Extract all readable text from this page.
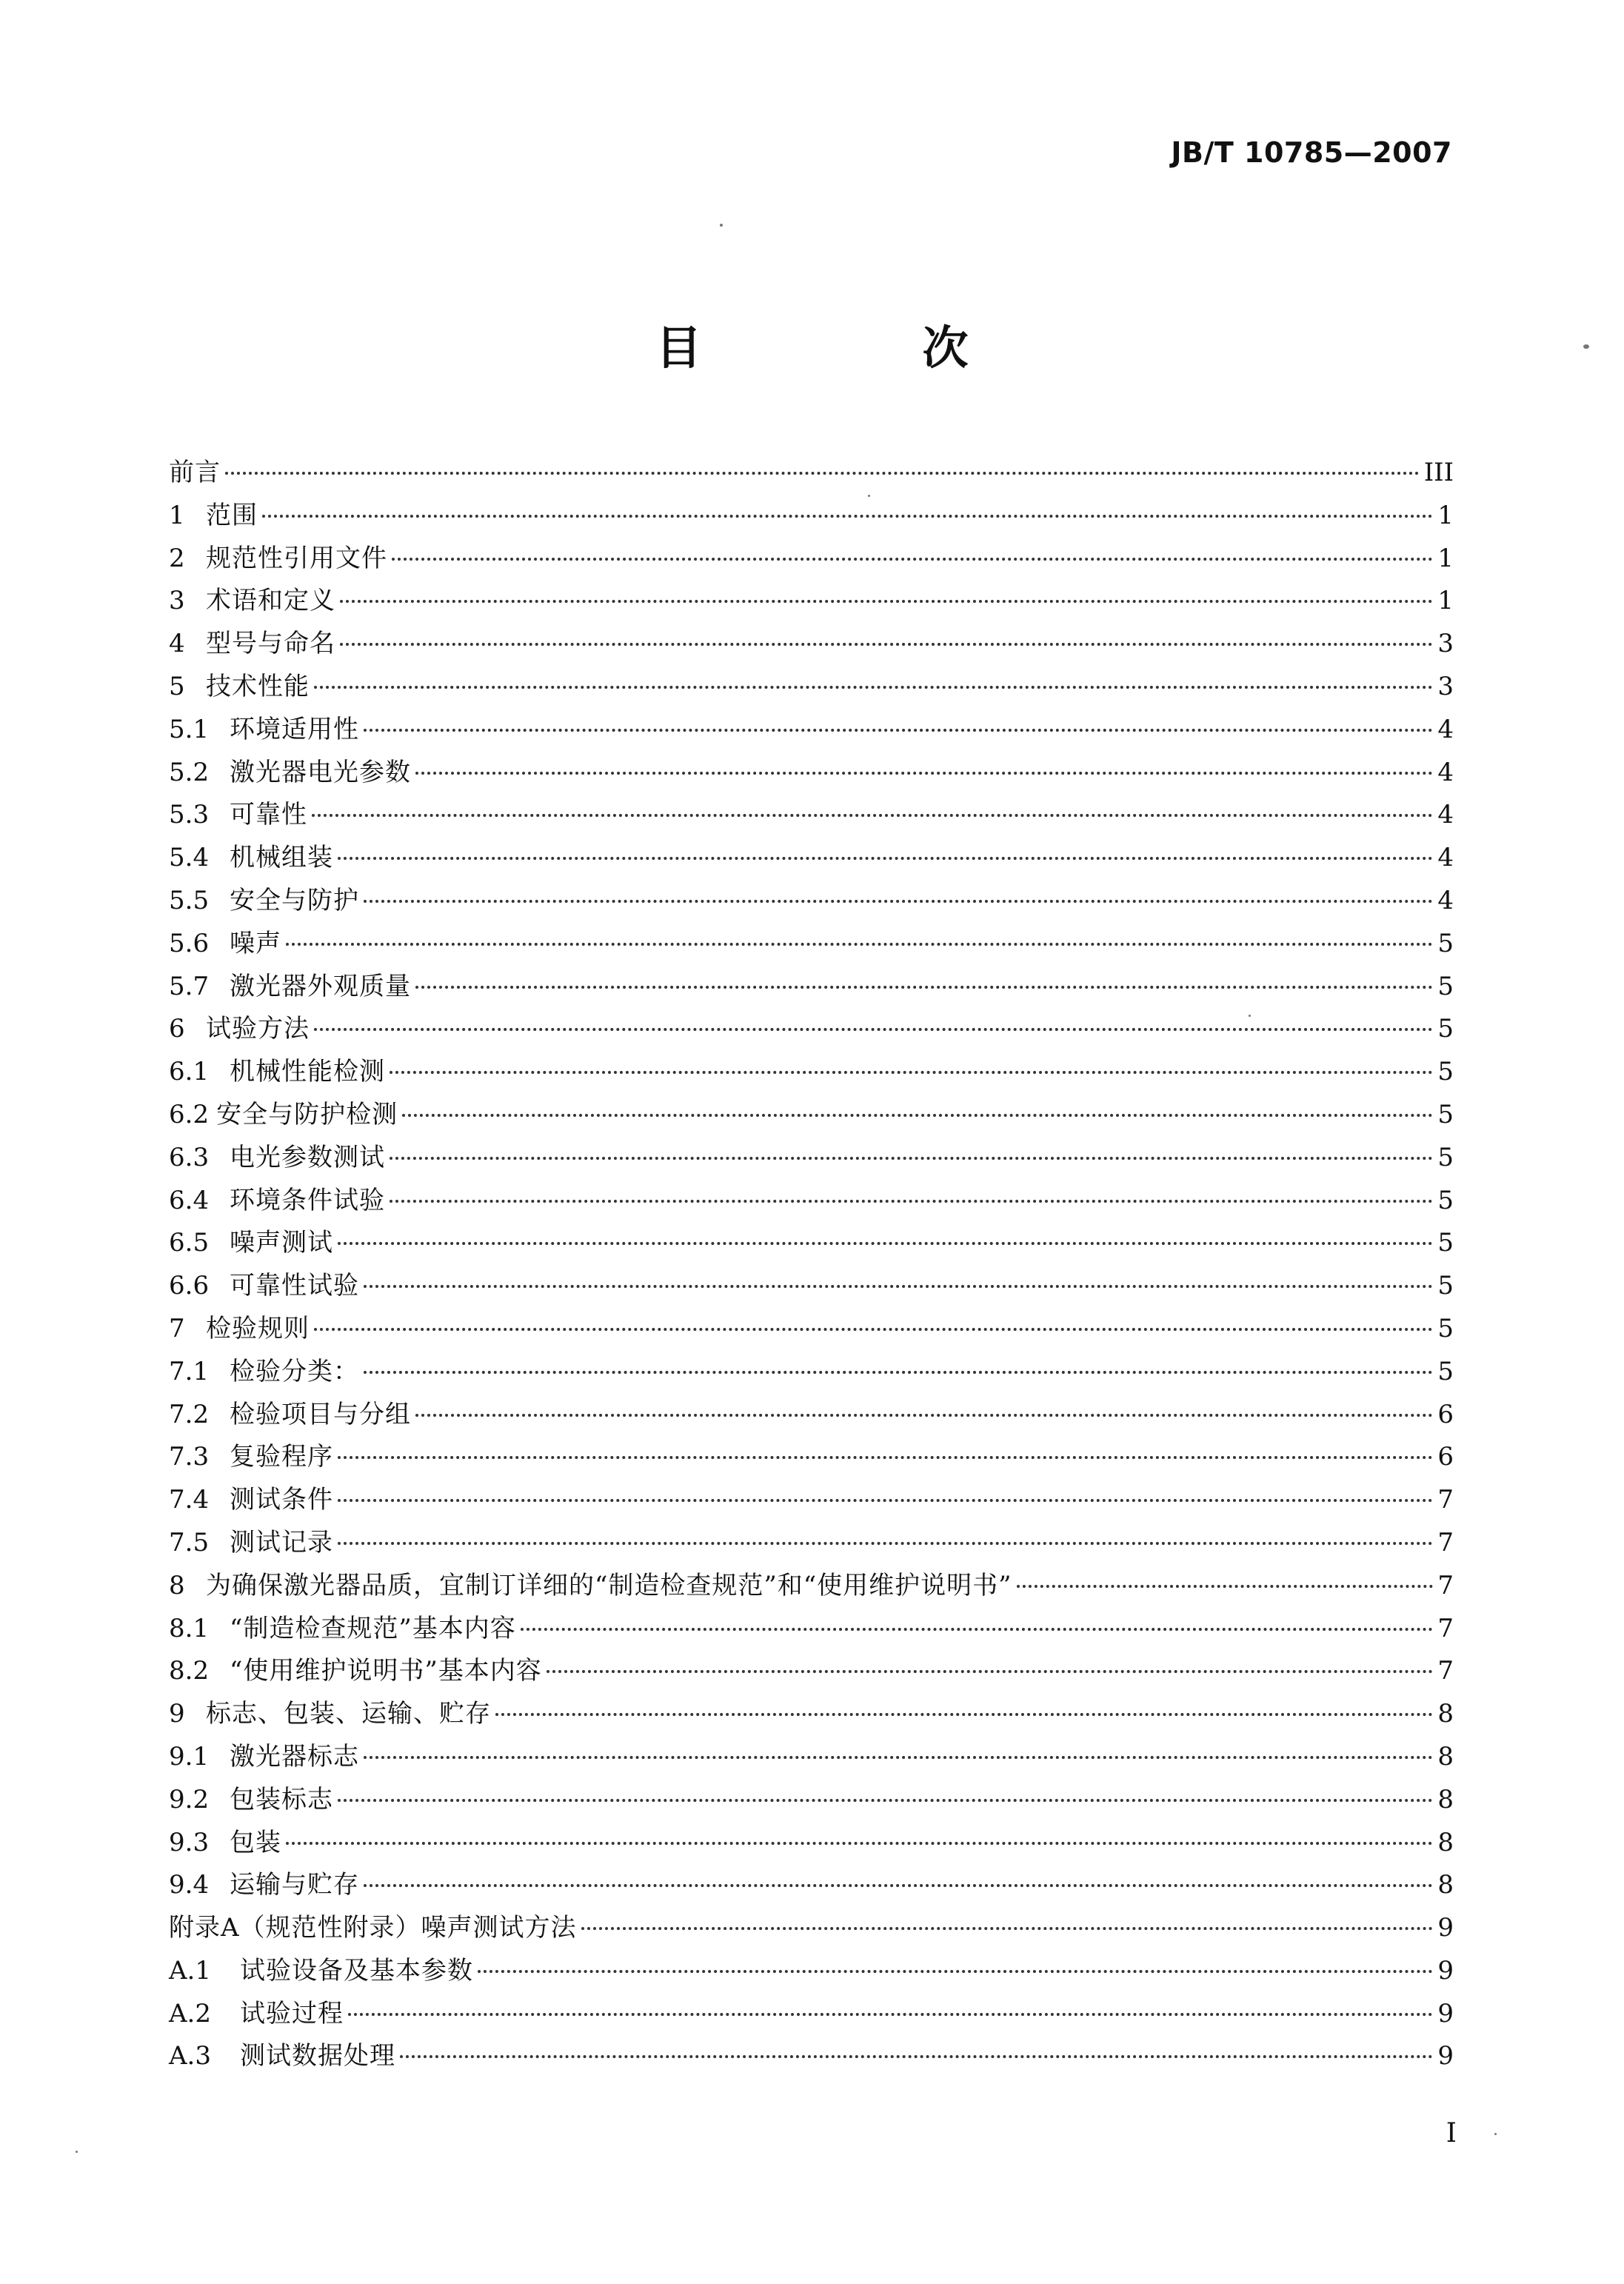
JB/T 10785—2007
目　次
前言	III
1 范围	1
2 规范性引用文件	1
3 术语和定义	1
4 型号与命名	3
5 技术性能	3
5.1 环境适用性	4
5.2 激光器电光参数	4
5.3 可靠性	4
5.4 机械组装	4
5.5 安全与防护	4
5.6 噪声	5
5.7 激光器外观质量	5
6 试验方法	5
6.1 机械性能检测	5
6.2 安全与防护检测	5
6.3 电光参数测试	5
6.4 环境条件试验	5
6.5 噪声测试	5
6.6 可靠性试验	5
7 检验规则	5
7.1 检验分类：	5
7.2 检验项目与分组	6
7.3 复验程序	6
7.4 测试条件	7
7.5 测试记录	7
8 为确保激光器品质，宜制订详细的“制造检查规范”和“使用维护说明书”	7
8.1 “制造检查规范”基本内容	7
8.2 “使用维护说明书”基本内容	7
9 标志、包装、运输、贮存	8
9.1 激光器标志	8
9.2 包装标志	8
9.3 包装	8
9.4 运输与贮存	8
附录A（规范性附录）噪声测试方法	9
A.1	试验设备及基本参数	9
A.2	试验过程	9
A.3	测试数据处理	9
I
